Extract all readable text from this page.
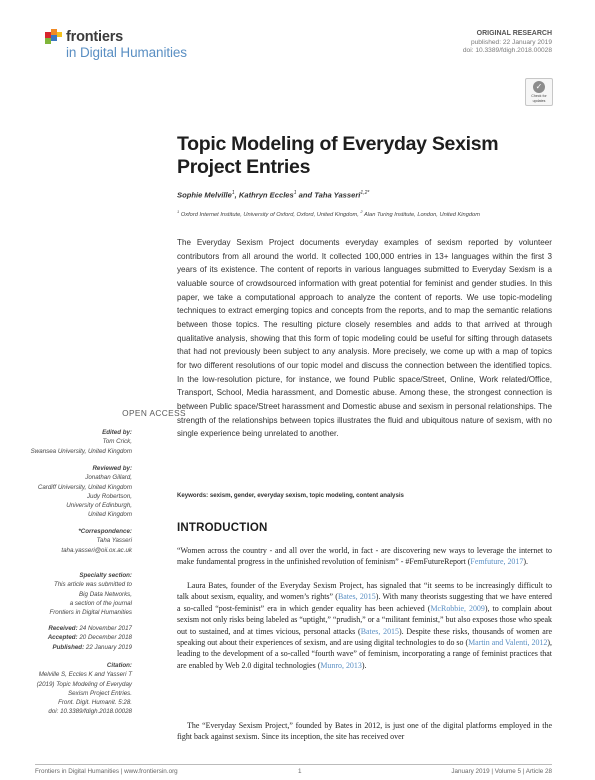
frontiers
in Digital Humanities
ORIGINAL RESEARCH
published: 22 January 2019
doi: 10.3389/fdigh.2018.00028
✓
Check for
updates
Topic Modeling of Everyday Sexism
Project Entries
Sophie Melville$^1$, Kathryn Eccles$^1$ and Taha Yasseri$^{1,2*}$
$^1$ Oxford Internet Institute, University of Oxford, Oxford, United Kingdom, $^2$ Alan Turing Institute, London, United Kingdom

The Everyday Sexism Project documents everyday examples of sexism reported by volunteer contributors from all around the world. It collected 100,000 entries in 13+ languages within the first 3 years of its existence. The content of reports in various languages submitted to Everyday Sexism is a valuable source of crowdsourced information with great potential for feminist and gender studies. In this paper, we take a computational approach to analyze the content of reports. We use topic-modeling techniques to extract emerging topics and concepts from the reports, and to map the semantic relations between those topics. The resulting picture closely resembles and adds to that arrived at through qualitative analysis, showing that this form of topic modeling could be useful for sifting through datasets that had not previously been subject to any analysis. More precisely, we come up with a map of topics for two different resolutions of our topic model and discuss the connection between the identified topics. In the low-resolution picture, for instance, we found Public space/Street, Online, Work related/Office, Transport, School, Media harassment, and Domestic abuse. Among these, the strongest connection is between Public space/Street harassment and Domestic abuse and sexism in personal relationships. The strength of the relationships between topics illustrates the fluid and ubiquitous nature of sexism, with no single experience being unrelated to another.

Keywords: sexism, gender, everyday sexism, topic modeling, content analysis
INTRODUCTION

“Women across the country - and all over the world, in fact - are discovering new ways to leverage the internet to make fundamental progress in the unfinished revolution of feminism” - #FemFutureReport (Femfuture, 2017).

Laura Bates, founder of the Everyday Sexism Project, has signaled that “it seems to be increasingly difficult to talk about sexism, equality, and women’s rights” (Bates, 2015). With many theorists suggesting that we have entered a so-called “post-feminist” era in which gender equality has been achieved (McRobbie, 2009), to complain about sexism not only risks being labeled as “uptight,” “prudish,” or a “militant feminist,” but also exposes those who speak out to sustained, and at times vicious, personal attacks (Bates, 2015). Despite these risks, thousands of women are speaking out about their experiences of sexism, and are using digital technologies to do so (Martin and Valenti, 2012), leading to the development of a so-called “fourth wave” of feminism, incorporating a range of feminist practices that are enabled by Web 2.0 digital technologies (Munro, 2013).

The “Everyday Sexism Project,” founded by Bates in 2012, is just one of the digital platforms employed in the fight back against sexism. Since its inception, the site has received over

OPEN ACCESS
Edited by:
Tom Crick,
Swansea University, United Kingdom
Reviewed by:
Jonathan Gillard,
Cardiff University, United Kingdom
Judy Robertson,
University of Edinburgh,
United Kingdom
*Correspondence:
Taha Yasseri
taha.yasseri@oii.ox.ac.uk
Specialty section:
This article was submitted to
Big Data Networks,
a section of the journal
Frontiers in Digital Humanities
Received: 24 November 2017
Accepted: 20 December 2018
Published: 22 January 2019
Citation:
Melville S, Eccles K and Yasseri T
(2019) Topic Modeling of Everyday
Sexism Project Entries.
Front. Digit. Humanit. 5:28.
doi: 10.3389/fdigh.2018.00028
Frontiers in Digital Humanities | www.frontiersin.org	1	January 2019 | Volume 5 | Article 28
